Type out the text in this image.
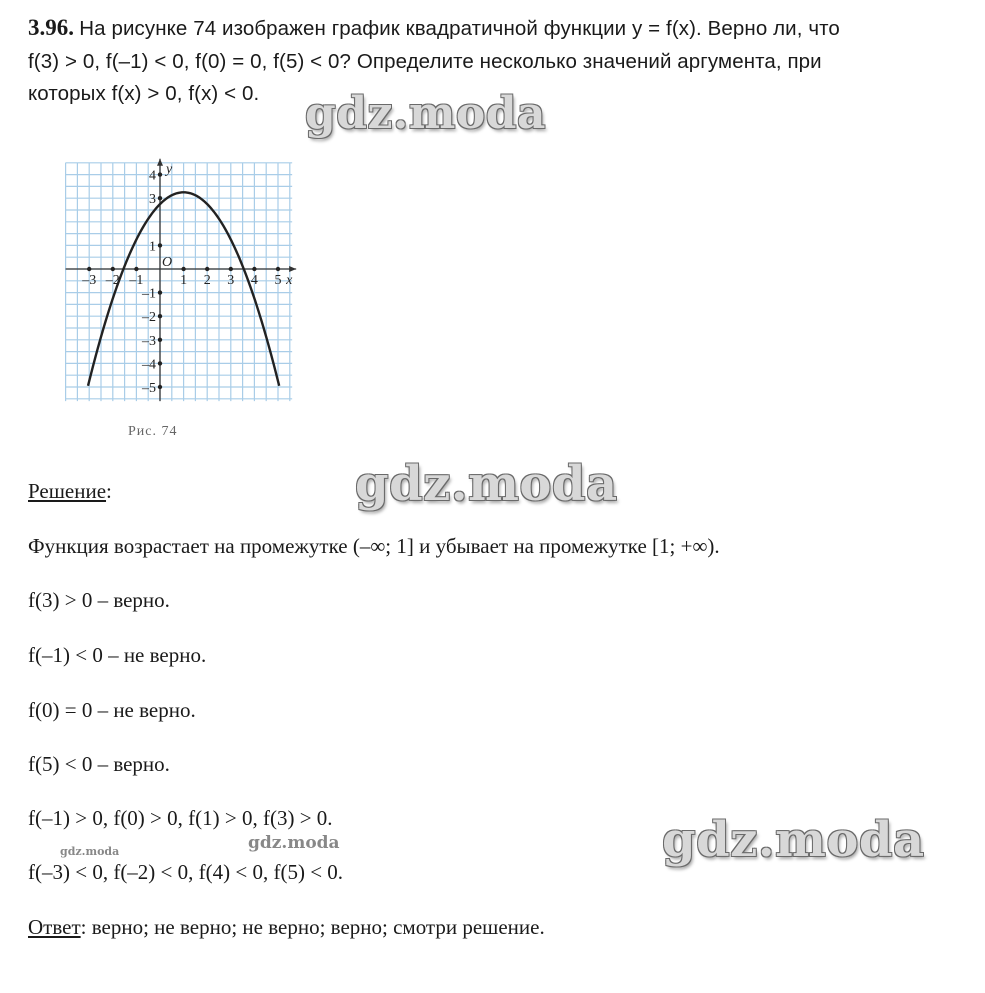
3.96. На рисунке 74 изображен график квадратичной функции y = f(x). Верно ли, что
f(3) > 0, f(–1) < 0, f(0) = 0, f(5) < 0? Определите несколько значений аргумента, при
которых f(x) > 0, f(x) < 0.
–3 –2 –1	1 2 3 4 5
4
3
1
–1
–2
–3
–4
–5
O
x
y
Рис. 74
gdz.moda
gdz.moda
gdz.moda
gdz.moda	gdz.moda
Решение:
Функция возрастает на промежутке (–∞; 1] и убывает на промежутке [1; +∞).
f(3) > 0 – верно.
f(–1) < 0 – не верно.
f(0) = 0 – не верно.
f(5) < 0 – верно.
f(–1) > 0, f(0) > 0, f(1) > 0, f(3) > 0.
f(–3) < 0, f(–2) < 0, f(4) < 0, f(5) < 0.
Ответ: верно; не верно; не верно; верно; смотри решение.
